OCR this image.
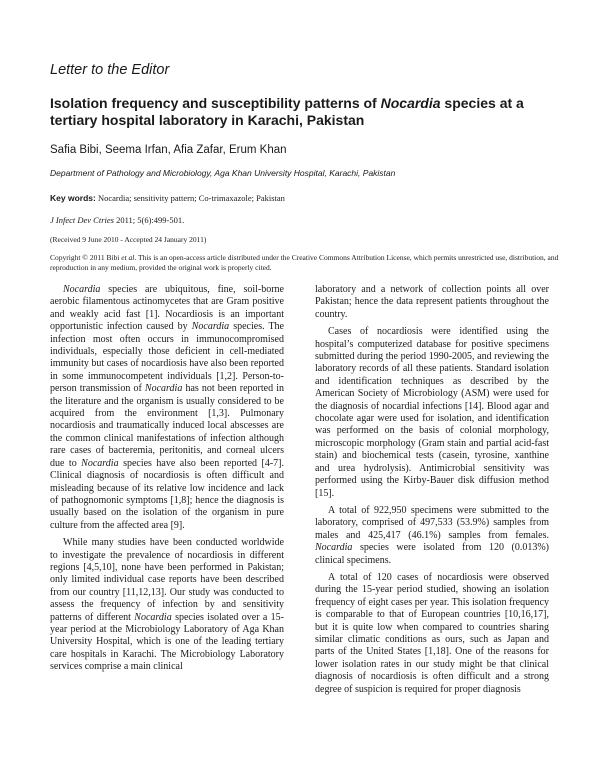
Letter to the Editor
Isolation frequency and susceptibility patterns of Nocardia species at a tertiary hospital laboratory in Karachi, Pakistan
Safia Bibi, Seema Irfan, Afia Zafar, Erum Khan
Department of Pathology and Microbiology, Aga Khan University Hospital, Karachi, Pakistan
Key words: Nocardia; sensitivity pattern; Co-trimaxazole; Pakistan
J Infect Dev Ctries 2011; 5(6):499-501.
(Received 9 June 2010 - Accepted 24 January 2011)
Copyright © 2011 Bibi et al. This is an open-access article distributed under the Creative Commons Attribution License, which permits unrestricted use, distribution, and reproduction in any medium, provided the original work is properly cited.

Nocardia species are ubiquitous, fine, soil-borne aerobic filamentous actinomycetes that are Gram positive and weakly acid fast [1]. Nocardiosis is an important opportunistic infection caused by Nocardia species. The infection most often occurs in immunocompromised individuals, especially those deficient in cell-mediated immunity but cases of nocardiosis have also been reported in some immunocompetent individuals [1,2]. Person-to-person transmission of Nocardia has not been reported in the literature and the organism is usually considered to be acquired from the environment [1,3]. Pulmonary nocardiosis and traumatically induced local abscesses are the common clinical manifestations of infection although rare cases of bacteremia, peritonitis, and corneal ulcers due to Nocardia species have also been reported [4-7]. Clinical diagnosis of nocardiosis is often difficult and misleading because of its relative low incidence and lack of pathognomonic symptoms [1,8]; hence the diagnosis is usually based on the isolation of the organism in pure culture from the affected area [9].

While many studies have been conducted worldwide to investigate the prevalence of nocardiosis in different regions [4,5,10], none have been performed in Pakistan; only limited individual case reports have been described from our country [11,12,13]. Our study was conducted to assess the frequency of infection by and sensitivity patterns of different Nocardia species isolated over a 15-year period at the Microbiology Laboratory of Aga Khan University Hospital, which is one of the leading tertiary care hospitals in Karachi. The Microbiology Laboratory services comprise a main clinical

laboratory and a network of collection points all over Pakistan; hence the data represent patients throughout the country.

Cases of nocardiosis were identified using the hospital’s computerized database for positive specimens submitted during the period 1990-2005, and reviewing the laboratory records of all these patients. Standard isolation and identification techniques as described by the American Society of Microbiology (ASM) were used for the diagnosis of nocardial infections [14]. Blood agar and chocolate agar were used for isolation, and identification was performed on the basis of colonial morphology, microscopic morphology (Gram stain and partial acid-fast stain) and biochemical tests (casein, tyrosine, xanthine and urea hydrolysis). Antimicrobial sensitivity was performed using the Kirby-Bauer disk diffusion method [15].

A total of 922,950 specimens were submitted to the laboratory, comprised of 497,533 (53.9%) samples from males and 425,417 (46.1%) samples from females. Nocardia species were isolated from 120 (0.013%) clinical specimens.

A total of 120 cases of nocardiosis were observed during the 15-year period studied, showing an isolation frequency of eight cases per year. This isolation frequency is comparable to that of European countries [10,16,17], but it is quite low when compared to countries sharing similar climatic conditions as ours, such as Japan and parts of the United States [1,18]. One of the reasons for lower isolation rates in our study might be that clinical diagnosis of nocardiosis is often difficult and a strong degree of suspicion is required for proper diagnosis
